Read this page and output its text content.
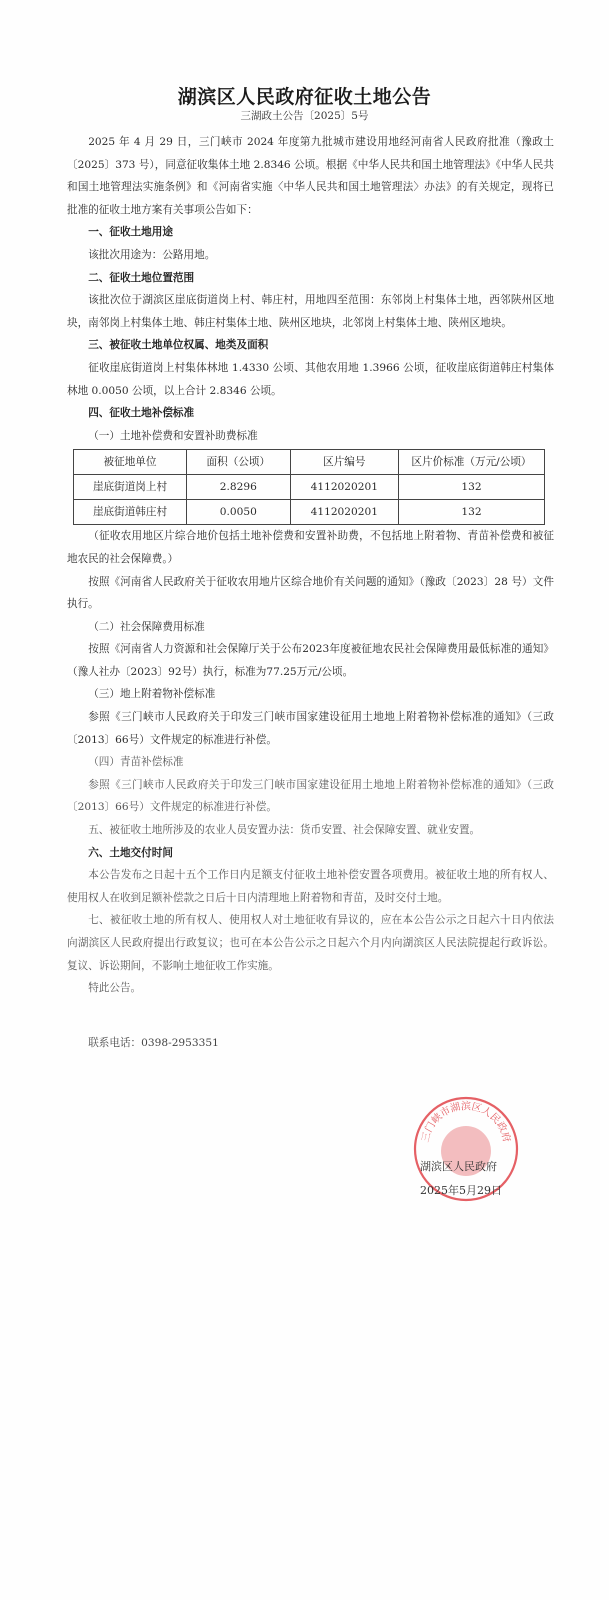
湖滨区人民政府征收土地公告
三湖政土公告〔2025〕5号

2025 年 4 月 29 日，三门峡市 2024 年度第九批城市建设用地经河南省人民政府批准（豫政土〔2025〕373 号），同意征收集体土地 2.8346 公顷。根据《中华人民共和国土地管理法》《中华人民共和国土地管理法实施条例》和《河南省实施〈中华人民共和国土地管理法〉办法》的有关规定，现将已批准的征收土地方案有关事项公告如下：

一、征收土地用途

该批次用途为：公路用地。

二、征收土地位置范围

该批次位于湖滨区崖底街道岗上村、韩庄村，用地四至范围：东邻岗上村集体土地，西邻陕州区地块，南邻岗上村集体土地、韩庄村集体土地、陕州区地块，北邻岗上村集体土地、陕州区地块。

三、被征收土地单位权属、地类及面积

征收崖底街道岗上村集体林地 1.4330 公顷、其他农用地 1.3966 公顷，征收崖底街道韩庄村集体林地 0.0050 公顷，以上合计 2.8346 公顷。

四、征收土地补偿标准

（一）土地补偿费和安置补助费标准

被征地单位	面积（公顷）	区片编号	区片价标准（万元/公顷）
崖底街道岗上村	2.8296	4112020201	132
崖底街道韩庄村	0.0050	4112020201	132

（征收农用地区片综合地价包括土地补偿费和安置补助费，不包括地上附着物、青苗补偿费和被征地农民的社会保障费。）

按照《河南省人民政府关于征收农用地片区综合地价有关问题的通知》（豫政〔2023〕28 号）文件执行。

（二）社会保障费用标准

按照《河南省人力资源和社会保障厅关于公布2023年度被征地农民社会保障费用最低标准的通知》（豫人社办〔2023〕92号）执行，标准为77.25万元/公顷。

（三）地上附着物补偿标准

参照《三门峡市人民政府关于印发三门峡市国家建设征用土地地上附着物补偿标准的通知》（三政〔2013〕66号）文件规定的标准进行补偿。

（四）青苗补偿标准

参照《三门峡市人民政府关于印发三门峡市国家建设征用土地地上附着物补偿标准的通知》（三政〔2013〕66号）文件规定的标准进行补偿。

五、被征收土地所涉及的农业人员安置办法：货币安置、社会保障安置、就业安置。

六、土地交付时间

本公告发布之日起十五个工作日内足额支付征收土地补偿安置各项费用。被征收土地的所有权人、使用权人在收到足额补偿款之日后十日内清理地上附着物和青苗，及时交付土地。

七、被征收土地的所有权人、使用权人对土地征收有异议的，应在本公告公示之日起六十日内依法向湖滨区人民政府提出行政复议；也可在本公告公示之日起六个月内向湖滨区人民法院提起行政诉讼。复议、诉讼期间，不影响土地征收工作实施。

特此公告。

联系电话：0398-2953351

三门峡市湖滨区人民政府
湖滨区人民政府
2025年5月29日
